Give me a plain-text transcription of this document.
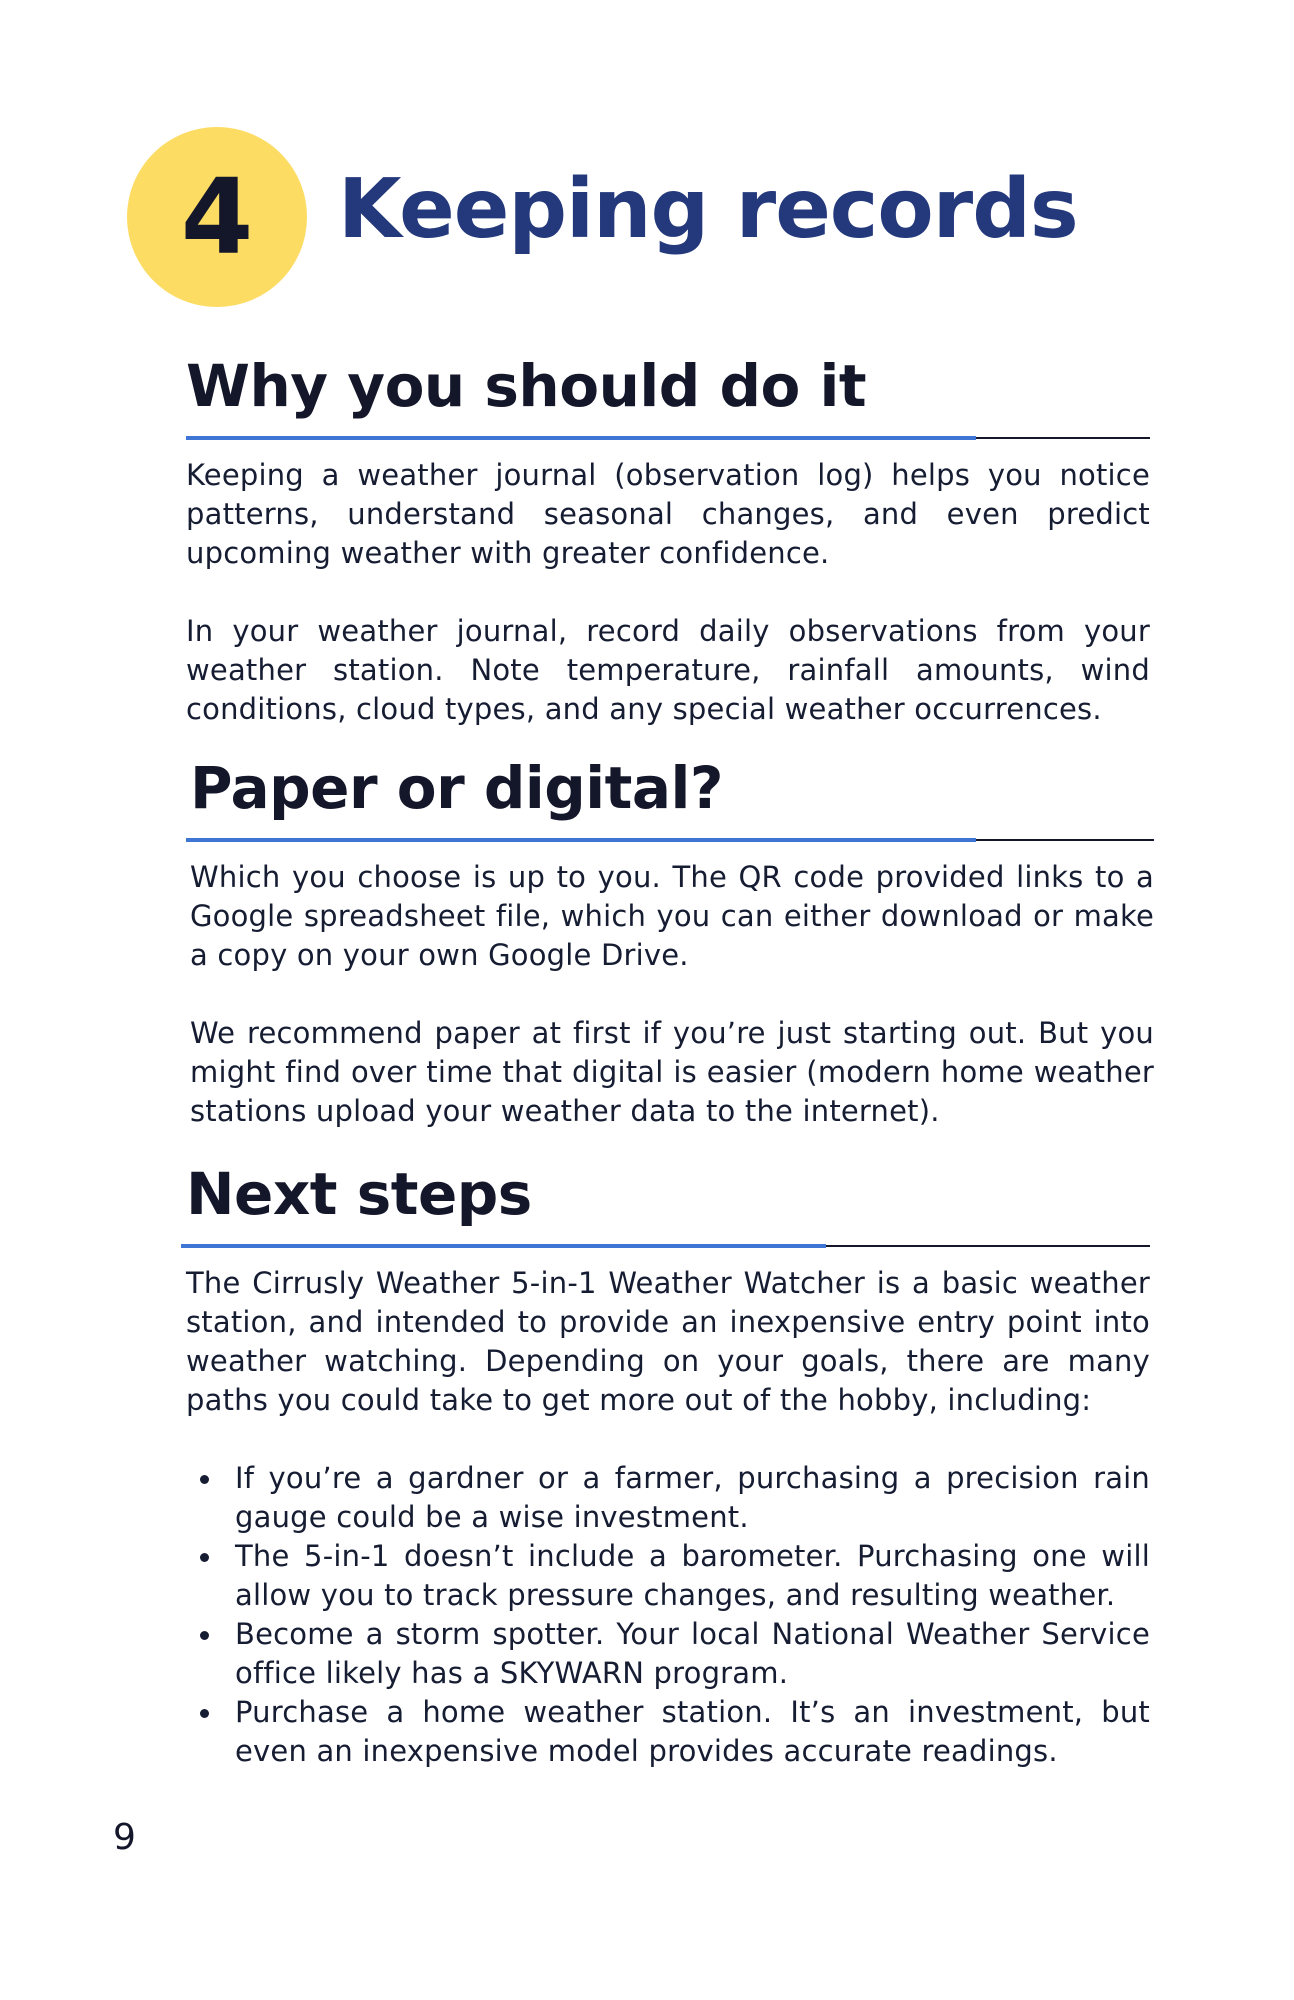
4	Keeping records
Why you should do it

Keeping a weather journal (observation log) helps you notice patterns, understand seasonal changes, and even predict upcoming weather with greater confidence.

In your weather journal, record daily observations from your weather station. Note temperature, rainfall amounts, wind conditions, cloud types, and any special weather occurrences.

Paper or digital?

Which you choose is up to you. The QR code provided links to a Google spreadsheet file, which you can either download or make a copy on your own Google Drive.

We recommend paper at first if you’re just starting out. But you might find over time that digital is easier (modern home weather stations upload your weather data to the internet).

Next steps

The Cirrusly Weather 5-in-1 Weather Watcher is a basic weather station, and intended to provide an inexpensive entry point into weather watching. Depending on your goals, there are many paths you could take to get more out of the hobby, including:

If you’re a gardner or a farmer, purchasing a precision rain gauge could be a wise investment.
The 5-in-1 doesn’t include a barometer. Purchasing one will allow you to track pressure changes, and resulting weather.
Become a storm spotter. Your local National Weather Service office likely has a SKYWARN program.
Purchase a home weather station. It’s an investment, but even an inexpensive model provides accurate readings.
9
